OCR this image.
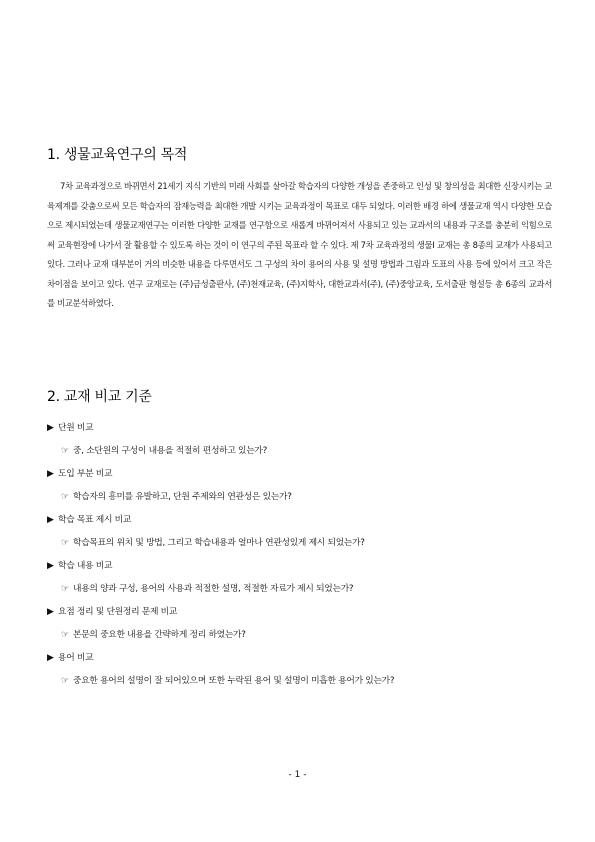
1. 생물교육연구의 목적

7차 교육과정으로 바뀌면서 21세기 지식 기반의 미래 사회를 살아갈 학습자의 다양한 개성을 존중하고 인성 및 창의성을 최대한 신장시키는 교육제계를 갖춤으로써 모든 학습자의 잠재능력을 최대한 개발 시키는 교육과정이 목표로 대두 되었다. 이러한 배경 하에 생물교재 역시 다양한 모습으로 제시되었는데 생물교재연구는 이러한 다양한 교재를 연구함으로 새롭게 바뀌어져서 사용되고 있는 교과서의 내용과 구조를 충분히 익힘으로써 교육현장에 나가서 잘 활용할 수 있도록 하는 것이 이 연구의 주된 목표라 할 수 있다. 제 7차 교육과정의 생물Ⅰ 교재는 총 8종의 교재가 사용되고 있다. 그러나 교재 대부분이 거의 비슷한 내용을 다루면서도 그 구성의 차이 용어의 사용 및 설명 방법과 그림과 도표의 사용 등에 있어서 크고 작은 차이점을 보이고 있다. 연구 교재로는 (주)금성출판사, (주)천재교육, (주)지학사, 대한교과서(주), (주)중앙교육, 도서출판 형설등 총 6종의 교과서를 비교분석하였다.

2. 교재 비교 기준
▶ 단원 비교
☞ 중, 소단원의 구성이 내용을 적절히 편성하고 있는가?
▶ 도입 부분 비교
☞ 학습자의 흥미를 유발하고, 단원 주제와의 연관성은 있는가?
▶ 학습 목표 제시 비교
☞ 학습목표의 위치 및 방법, 그리고 학습내용과 얼마나 연관성있게 제시 되었는가?
▶ 학습 내용 비교
☞ 내용의 양과 구성, 용어의 사용과 적절한 설명, 적절한 자료가 제시 되었는가?
▶ 요점 정리 및 단원정리 문제 비교
☞ 본문의 중요한 내용을 간략하게 정리 하였는가?
▶ 용어 비교
☞ 중요한 용어의 설명이 잘 되어있으며 또한 누락된 용어 및 설명이 미흡한 용어가 있는가?
- 1 -
